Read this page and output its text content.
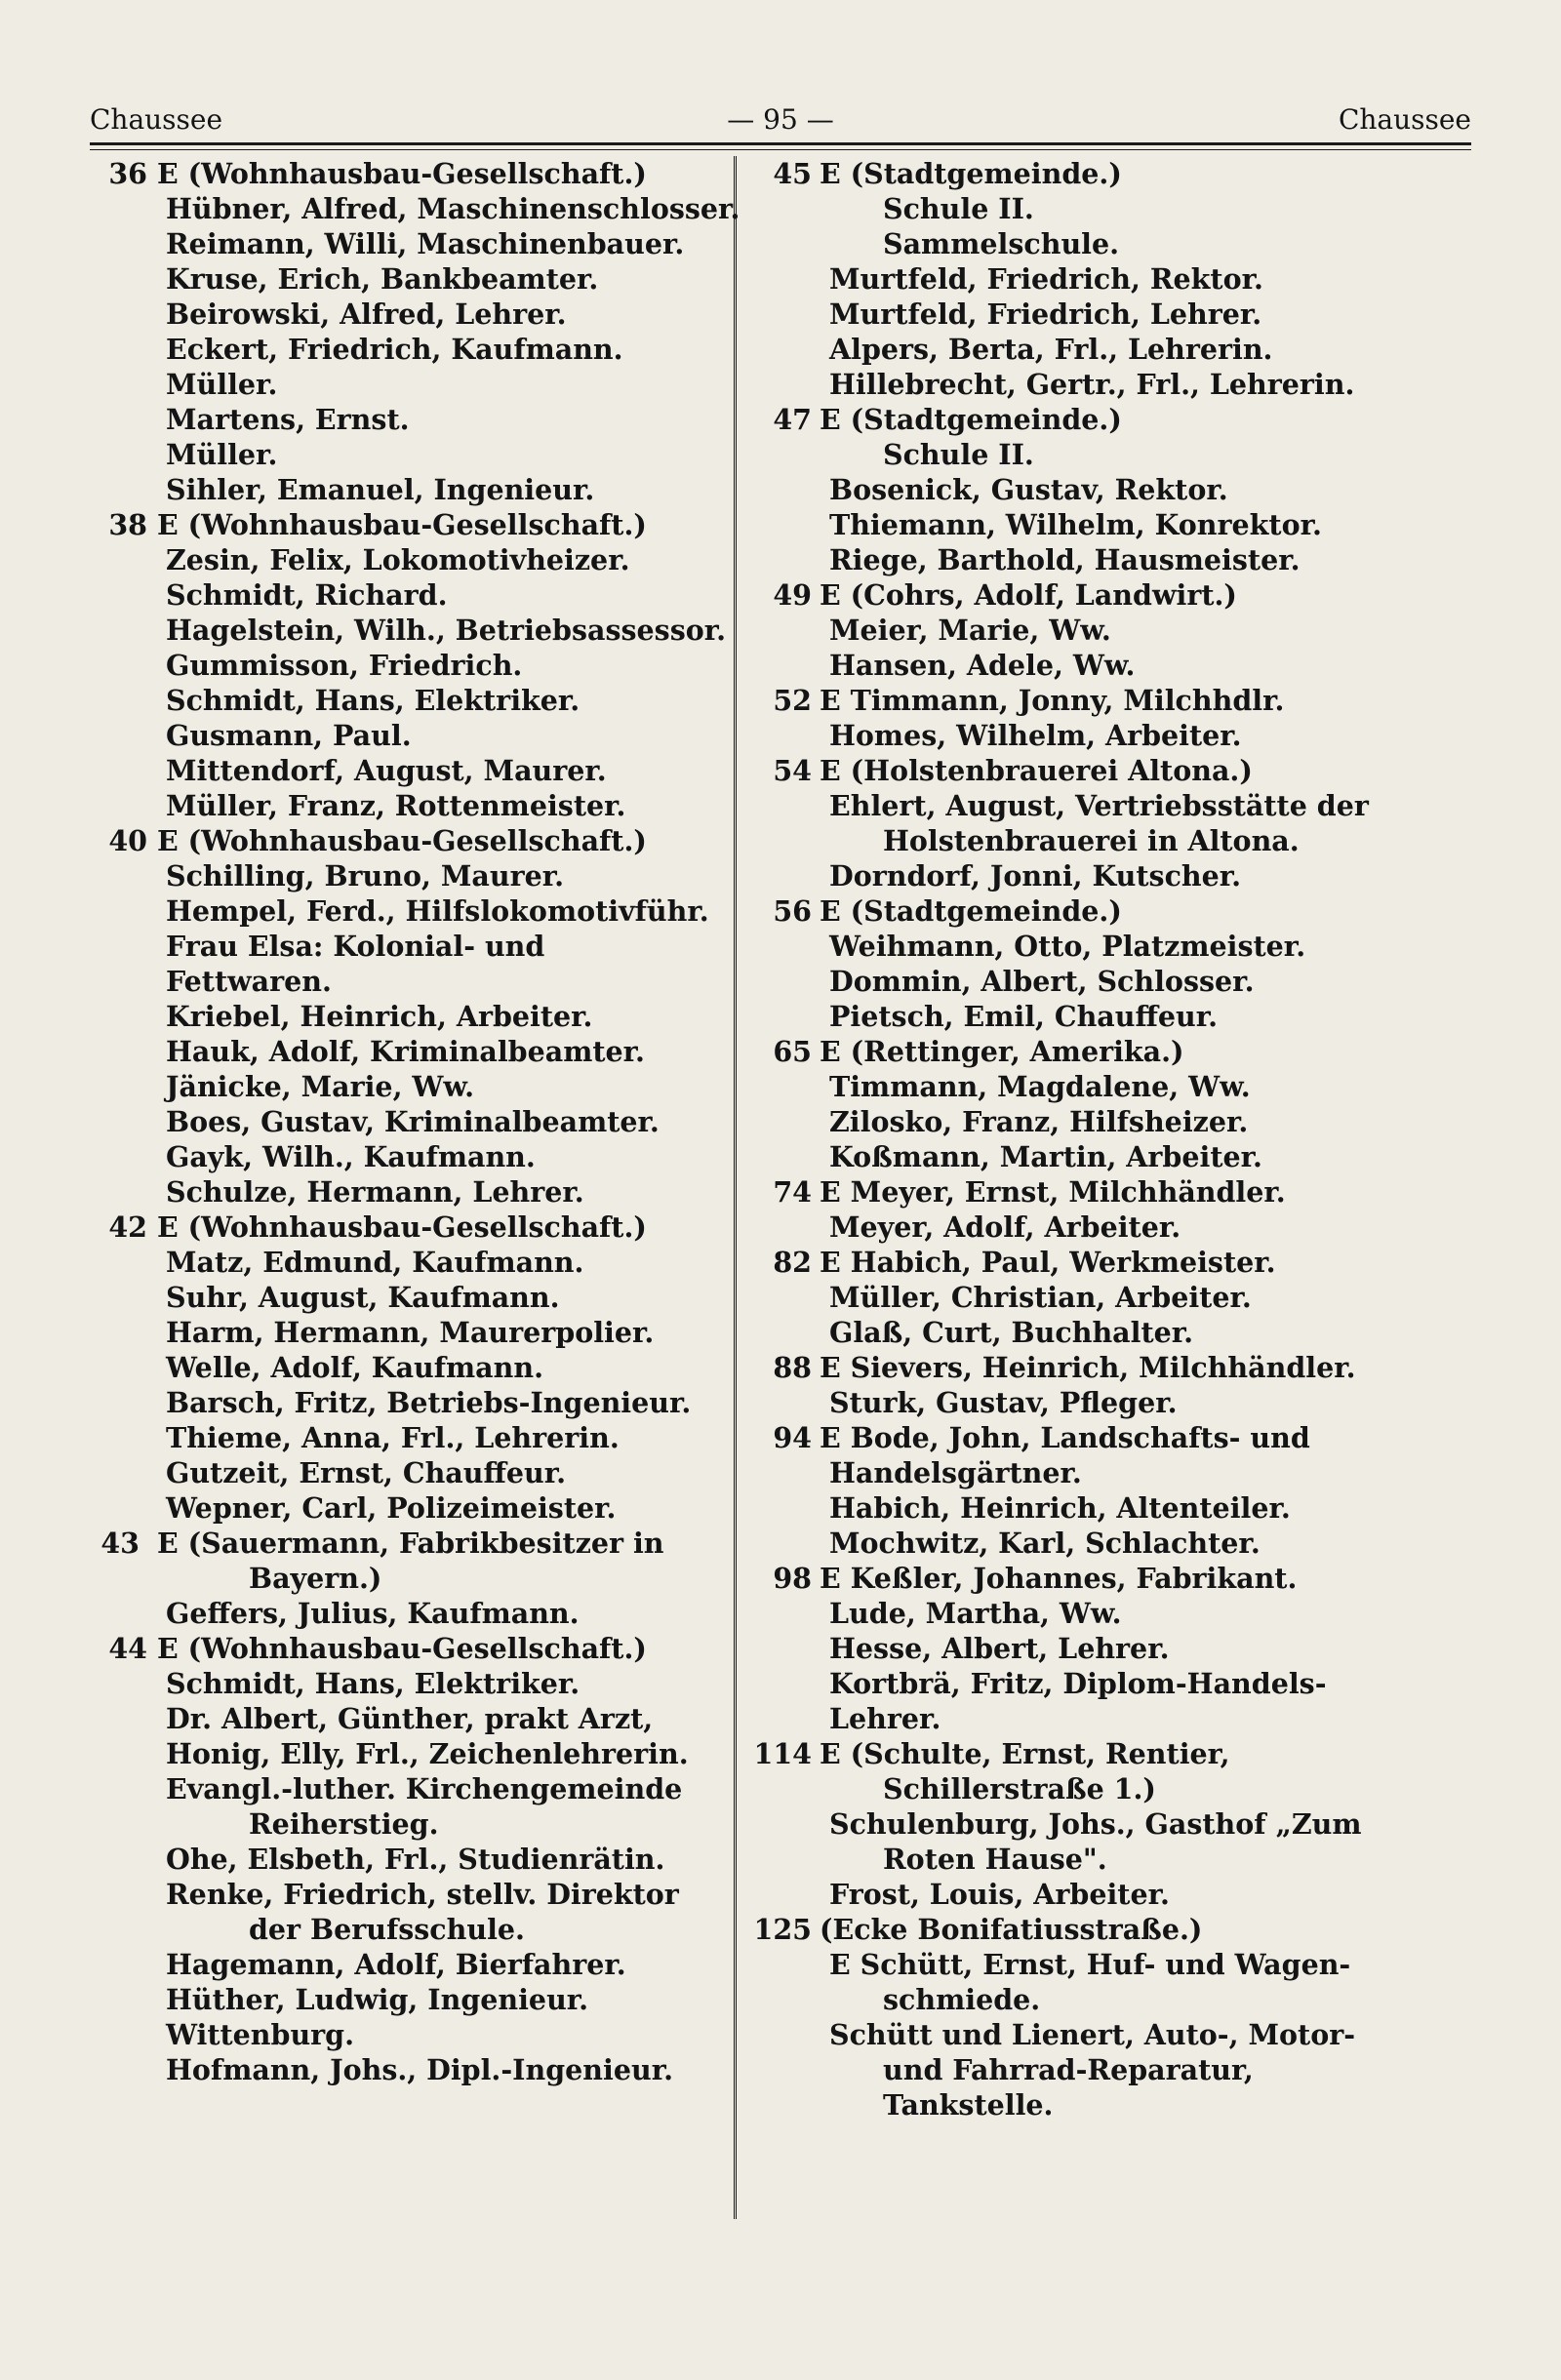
Chaussee	— 95 —	Chaussee
36 E (Wohnhausbau-Gesellschaft.)
Hübner, Alfred, Maschinenschlosser.
Reimann, Willi, Maschinenbauer.
Kruse, Erich, Bankbeamter.
Beirowski, Alfred, Lehrer.
Eckert, Friedrich, Kaufmann.
Müller.
Martens, Ernst.
Müller.
Sihler, Emanuel, Ingenieur.
38 E (Wohnhausbau-Gesellschaft.)
Zesin, Felix, Lokomotivheizer.
Schmidt, Richard.
Hagelstein, Wilh., Betriebsassessor.
Gummisson, Friedrich.
Schmidt, Hans, Elektriker.
Gusmann, Paul.
Mittendorf, August, Maurer.
Müller, Franz, Rottenmeister.
40 E (Wohnhausbau-Gesellschaft.)
Schilling, Bruno, Maurer.
Hempel, Ferd., Hilfslokomotivführ.
Frau Elsa: Kolonial- und
Fettwaren.
Kriebel, Heinrich, Arbeiter.
Hauk, Adolf, Kriminalbeamter.
Jänicke, Marie, Ww.
Boes, Gustav, Kriminalbeamter.
Gayk, Wilh., Kaufmann.
Schulze, Hermann, Lehrer.
42 E (Wohnhausbau-Gesellschaft.)
Matz, Edmund, Kaufmann.
Suhr, August, Kaufmann.
Harm, Hermann, Maurerpolier.
Welle, Adolf, Kaufmann.
Barsch, Fritz, Betriebs-Ingenieur.
Thieme, Anna, Frl., Lehrerin.
Gutzeit, Ernst, Chauffeur.
Wepner, Carl, Polizeimeister.
43 E (Sauermann, Fabrikbesitzer in
Bayern.)
Geffers, Julius, Kaufmann.
44 E (Wohnhausbau-Gesellschaft.)
Schmidt, Hans, Elektriker.
Dr. Albert, Günther, prakt Arzt,
Honig, Elly, Frl., Zeichenlehrerin.
Evangl.-luther. Kirchengemeinde
Reiherstieg.
Ohe, Elsbeth, Frl., Studienrätin.
Renke, Friedrich, stellv. Direktor
der Berufsschule.
Hagemann, Adolf, Bierfahrer.
Hüther, Ludwig, Ingenieur.
Wittenburg.
Hofmann, Johs., Dipl.-Ingenieur.
45 E (Stadtgemeinde.)
Schule II.
Sammelschule.
Murtfeld, Friedrich, Rektor.
Murtfeld, Friedrich, Lehrer.
Alpers, Berta, Frl., Lehrerin.
Hillebrecht, Gertr., Frl., Lehrerin.
47 E (Stadtgemeinde.)
Schule II.
Bosenick, Gustav, Rektor.
Thiemann, Wilhelm, Konrektor.
Riege, Barthold, Hausmeister.
49 E (Cohrs, Adolf, Landwirt.)
Meier, Marie, Ww.
Hansen, Adele, Ww.
52 E Timmann, Jonny, Milchhdlr.
Homes, Wilhelm, Arbeiter.
54 E (Holstenbrauerei Altona.)
Ehlert, August, Vertriebsstätte der
Holstenbrauerei in Altona.
Dorndorf, Jonni, Kutscher.
56 E (Stadtgemeinde.)
Weihmann, Otto, Platzmeister.
Dommin, Albert, Schlosser.
Pietsch, Emil, Chauffeur.
65 E (Rettinger, Amerika.)
Timmann, Magdalene, Ww.
Zilosko, Franz, Hilfsheizer.
Koßmann, Martin, Arbeiter.
74 E Meyer, Ernst, Milchhändler.
Meyer, Adolf, Arbeiter.
82 E Habich, Paul, Werkmeister.
Müller, Christian, Arbeiter.
Glaß, Curt, Buchhalter.
88 E Sievers, Heinrich, Milchhändler.
Sturk, Gustav, Pfleger.
94 E Bode, John, Landschafts- und
Handelsgärtner.
Habich, Heinrich, Altenteiler.
Mochwitz, Karl, Schlachter.
98 E Keßler, Johannes, Fabrikant.
Lude, Martha, Ww.
Hesse, Albert, Lehrer.
Kortbrä, Fritz, Diplom-Handels-
Lehrer.
114 E (Schulte, Ernst, Rentier,
Schillerstraße 1.)
Schulenburg, Johs., Gasthof „Zum
Roten Hause".
Frost, Louis, Arbeiter.
125 (Ecke Bonifatiusstraße.)
E Schütt, Ernst, Huf- und Wagen-
schmiede.
Schütt und Lienert, Auto-, Motor-
und Fahrrad-Reparatur,
Tankstelle.
